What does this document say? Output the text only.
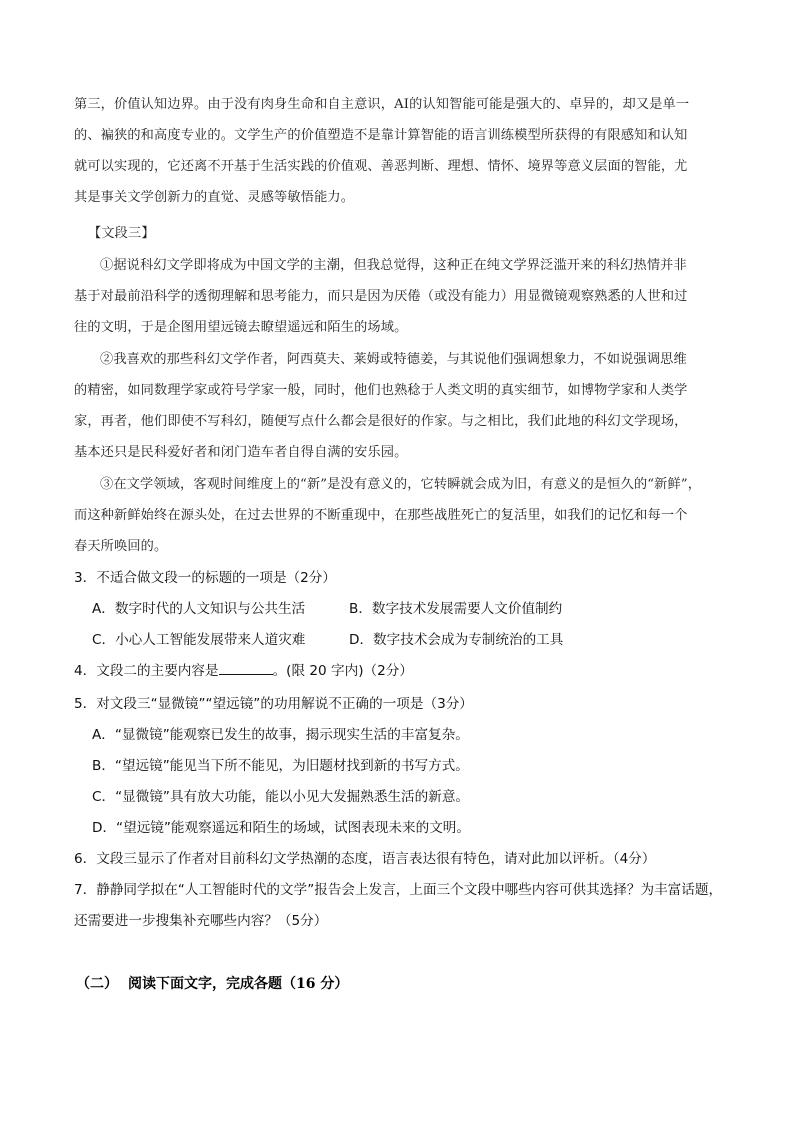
第三，价值认知边界。由于没有肉身生命和自主意识，AI的认知智能可能是强大的、卓异的，却又是单一
的、褊狭的和高度专业的。文学生产的价值塑造不是靠计算智能的语言训练模型所获得的有限感知和认知
就可以实现的，它还离不开基于生活实践的价值观、善恶判断、理想、情怀、境界等意义层面的智能，尤
其是事关文学创新力的直觉、灵感等敏悟能力。
【文段三】
①据说科幻文学即将成为中国文学的主潮，但我总觉得，这种正在纯文学界泛滥开来的科幻热情并非
基于对最前沿科学的透彻理解和思考能力，而只是因为厌倦（或没有能力）用显微镜观察熟悉的人世和过
往的文明，于是企图用望远镜去瞭望遥远和陌生的场域。
②我喜欢的那些科幻文学作者，阿西莫夫、莱姆或特德姜，与其说他们强调想象力，不如说强调思维
的精密，如同数理学家或符号学家一般，同时，他们也熟稔于人类文明的真实细节，如博物学家和人类学
家，再者，他们即使不写科幻，随便写点什么都会是很好的作家。与之相比，我们此地的科幻文学现场，
基本还只是民科爱好者和闭门造车者自得自满的安乐园。
③在文学领域，客观时间维度上的“新”是没有意义的，它转瞬就会成为旧，有意义的是恒久的“新鲜”，
而这种新鲜始终在源头处，在过去世界的不断重现中，在那些战胜死亡的复活里，如我们的记忆和每一个
春天所唤回的。
3．不适合做文段一的标题的一项是（2分）
A．数字时代的人文知识与公共生活	B．数字技术发展需要人文价值制约
C．小心人工智能发展带来人道灾难	D．数字技术会成为专制统治的工具
4．文段二的主要内容是	。(限 20 字内)（2分）
5．对文段三“显微镜”“望远镜”的功用解说不正确的一项是（3分）
A．“显微镜”能观察已发生的故事，揭示现实生活的丰富复杂。
B．“望远镜”能见当下所不能见，为旧题材找到新的书写方式。
C．“显微镜”具有放大功能，能以小见大发掘熟悉生活的新意。
D．“望远镜”能观察遥远和陌生的场域，试图表现未来的文明。
6．文段三显示了作者对目前科幻文学热潮的态度，语言表达很有特色，请对此加以评析。（4分）
7．静静同学拟在“人工智能时代的文学”报告会上发言，上面三个文段中哪些内容可供其选择？为丰富话题，
还需要进一步搜集补充哪些内容？（5分）
（二） 阅读下面文字，完成各题（16 分）
